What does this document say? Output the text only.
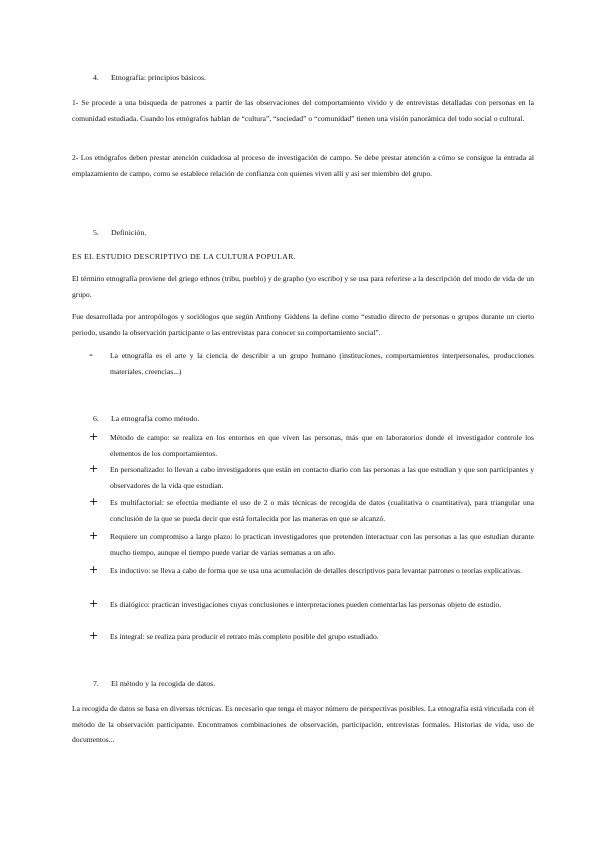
4. Etnografía: principios básicos.
1- Se procede a una búsqueda de patrones a partir de las observaciones del comportamiento vivido y de entrevistas detalladas con personas en la comunidad estudiada. Cuando los etnógrafos hablan de “cultura”, “sociedad” o “comunidad” tienen una visión panorámica del todo social o cultural.
2- Los etnógrafos deben prestar atención cuidadosa al proceso de investigación de campo. Se debe prestar atención a cómo se consigue la entrada al emplazamiento de campo, como se establece relación de confianza con quienes viven allí y así ser miembro del grupo.
5. Definición.
ES EL ESTUDIO DESCRIPTIVO DE LA CULTURA POPULAR.
El término etnografía proviene del griego ethnos (tribu, pueblo) y de grapho (yo escribo) y se usa para referirse a la descripción del modo de vida de un grupo.
Fue desarrollada por antropólogos y sociólogos que según Anthony Giddens la define como “estudio directo de personas o grupos durante un cierto periodo, usando la observación participante o las entrevistas para conocer su comportamiento social”.
-	La etnografía es el arte y la ciencia de describir a un grupo humano (instituciones, comportamientos interpersonales, producciones materiales, creencias...)
6. La etnografía como método.
+	Método de campo: se realiza en los entornos en que viven las personas, más que en laboratorios donde el investigador controle los elementos de los comportamientos.
+	En personalizado: lo llevan a cabo investigadores que están en contacto diario con las personas a las que estudian y que son participantes y observadores de la vida que estudian.
+	Es multifactorial: se efectúa mediante el uso de 2 o más técnicas de recogida de datos (cualitativa o cuantitativa), para triangular una conclusión de la que se pueda decir que está fortalecida por las maneras en que se alcanzó.
+	Requiere un compromiso a largo plazo: lo practican investigadores que pretenden interactuar con las personas a las que estudian durante mucho tiempo, aunque el tiempo puede variar de varias semanas a un año.
+	Es inductivo: se lleva a cabo de forma que se usa una acumulación de detalles descriptivos para levantar patrones o teorías explicativas.
+	Es dialógico: practican investigaciones cuyas conclusiones e interpretaciones pueden comentarlas las personas objeto de estudio.
+	Es integral: se realiza para producir el retrato más completo posible del grupo estudiado.
7. El método y la recogida de datos.
La recogida de datos se basa en diversas técnicas. Es necesario que tenga el mayor número de perspectivas posibles. La etnografía está vinculada con el método de la observación participante. Encontramos combinaciones de observación, participación, entrevistas formales. Historias de vida, uso de documentos...
